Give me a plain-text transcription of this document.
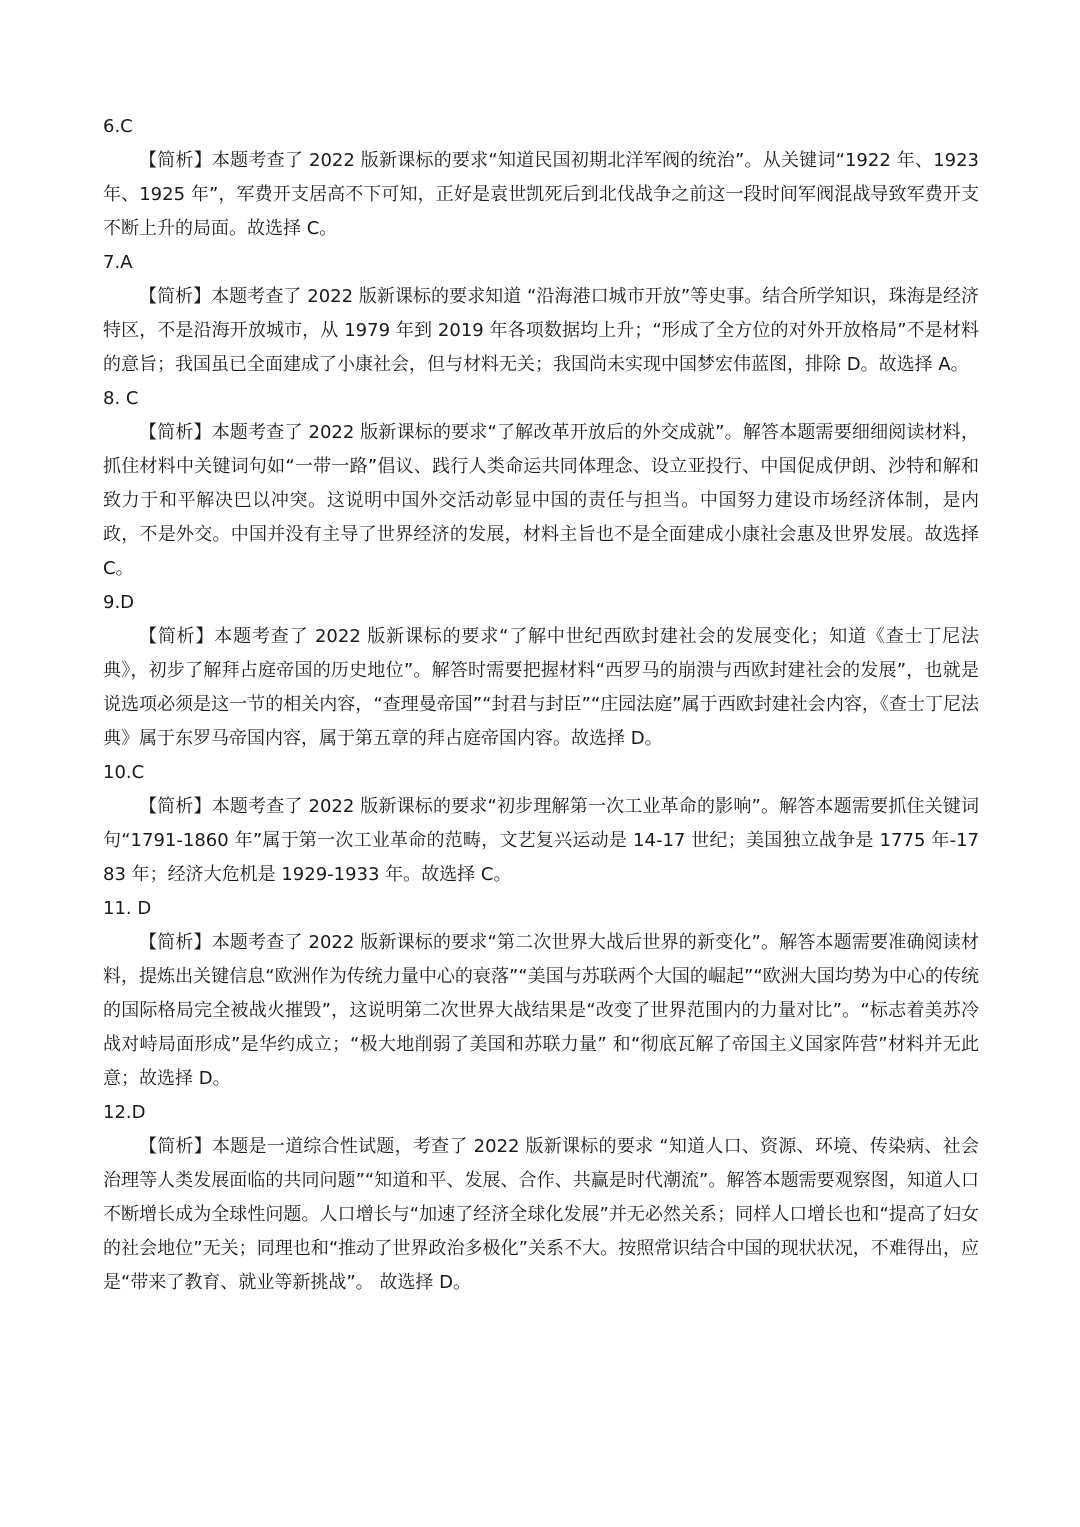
6.C

【简析】本题考查了 2022 版新课标的要求“知道民国初期北洋军阀的统治”。从关键词“1922 年、1923 年、1925 年”，军费开支居高不下可知，正好是袁世凯死后到北伐战争之前这一段时间军阀混战导致军费开支不断上升的局面。故选择 C。

7.A

【简析】本题考查了 2022 版新课标的要求知道 “沿海港口城市开放”等史事。结合所学知识，珠海是经济特区，不是沿海开放城市，从 1979 年到 2019 年各项数据均上升；“形成了全方位的对外开放格局”不是材料的意旨；我国虽已全面建成了小康社会，但与材料无关；我国尚未实现中国梦宏伟蓝图，排除 D。故选择 A。

8. C

【简析】本题考查了 2022 版新课标的要求“了解改革开放后的外交成就”。解答本题需要细细阅读材料，抓住材料中关键词句如“一带一路”倡议、践行人类命运共同体理念、设立亚投行、中国促成伊朗、沙特和解和致力于和平解决巴以冲突。这说明中国外交活动彰显中国的责任与担当。中国努力建设市场经济体制，是内政，不是外交。中国并没有主导了世界经济的发展，材料主旨也不是全面建成小康社会惠及世界发展。故选择 C。

9.D

【简析】本题考查了 2022 版新课标的要求“了解中世纪西欧封建社会的发展变化；知道《查士丁尼法典》，初步了解拜占庭帝国的历史地位”。解答时需要把握材料“西罗马的崩溃与西欧封建社会的发展”，也就是说选项必须是这一节的相关内容，“查理曼帝国”“封君与封臣”“庄园法庭”属于西欧封建社会内容，《查士丁尼法典》属于东罗马帝国内容，属于第五章的拜占庭帝国内容。故选择 D。

10.C

【简析】本题考查了 2022 版新课标的要求“初步理解第一次工业革命的影响”。解答本题需要抓住关键词句“1791-1860 年”属于第一次工业革命的范畴，文艺复兴运动是 14-17 世纪；美国独立战争是 1775 年-1783 年；经济大危机是 1929-1933 年。故选择 C。

11. D

【简析】本题考查了 2022 版新课标的要求“第二次世界大战后世界的新变化”。解答本题需要准确阅读材料，提炼出关键信息“欧洲作为传统力量中心的衰落”“美国与苏联两个大国的崛起”“欧洲大国均势为中心的传统的国际格局完全被战火摧毁”，这说明第二次世界大战结果是“改变了世界范围内的力量对比”。“标志着美苏冷战对峙局面形成”是华约成立；“极大地削弱了美国和苏联力量” 和“彻底瓦解了帝国主义国家阵营”材料并无此意；故选择 D。

12.D

【简析】本题是一道综合性试题，考查了 2022 版新课标的要求 “知道人口、资源、环境、传染病、社会治理等人类发展面临的共同问题”“知道和平、发展、合作、共赢是时代潮流”。解答本题需要观察图，知道人口不断增长成为全球性问题。人口增长与“加速了经济全球化发展”并无必然关系；同样人口增长也和“提高了妇女的社会地位”无关；同理也和“推动了世界政治多极化”关系不大。按照常识结合中国的现状状况，不难得出，应是“带来了教育、就业等新挑战”。 故选择 D。
